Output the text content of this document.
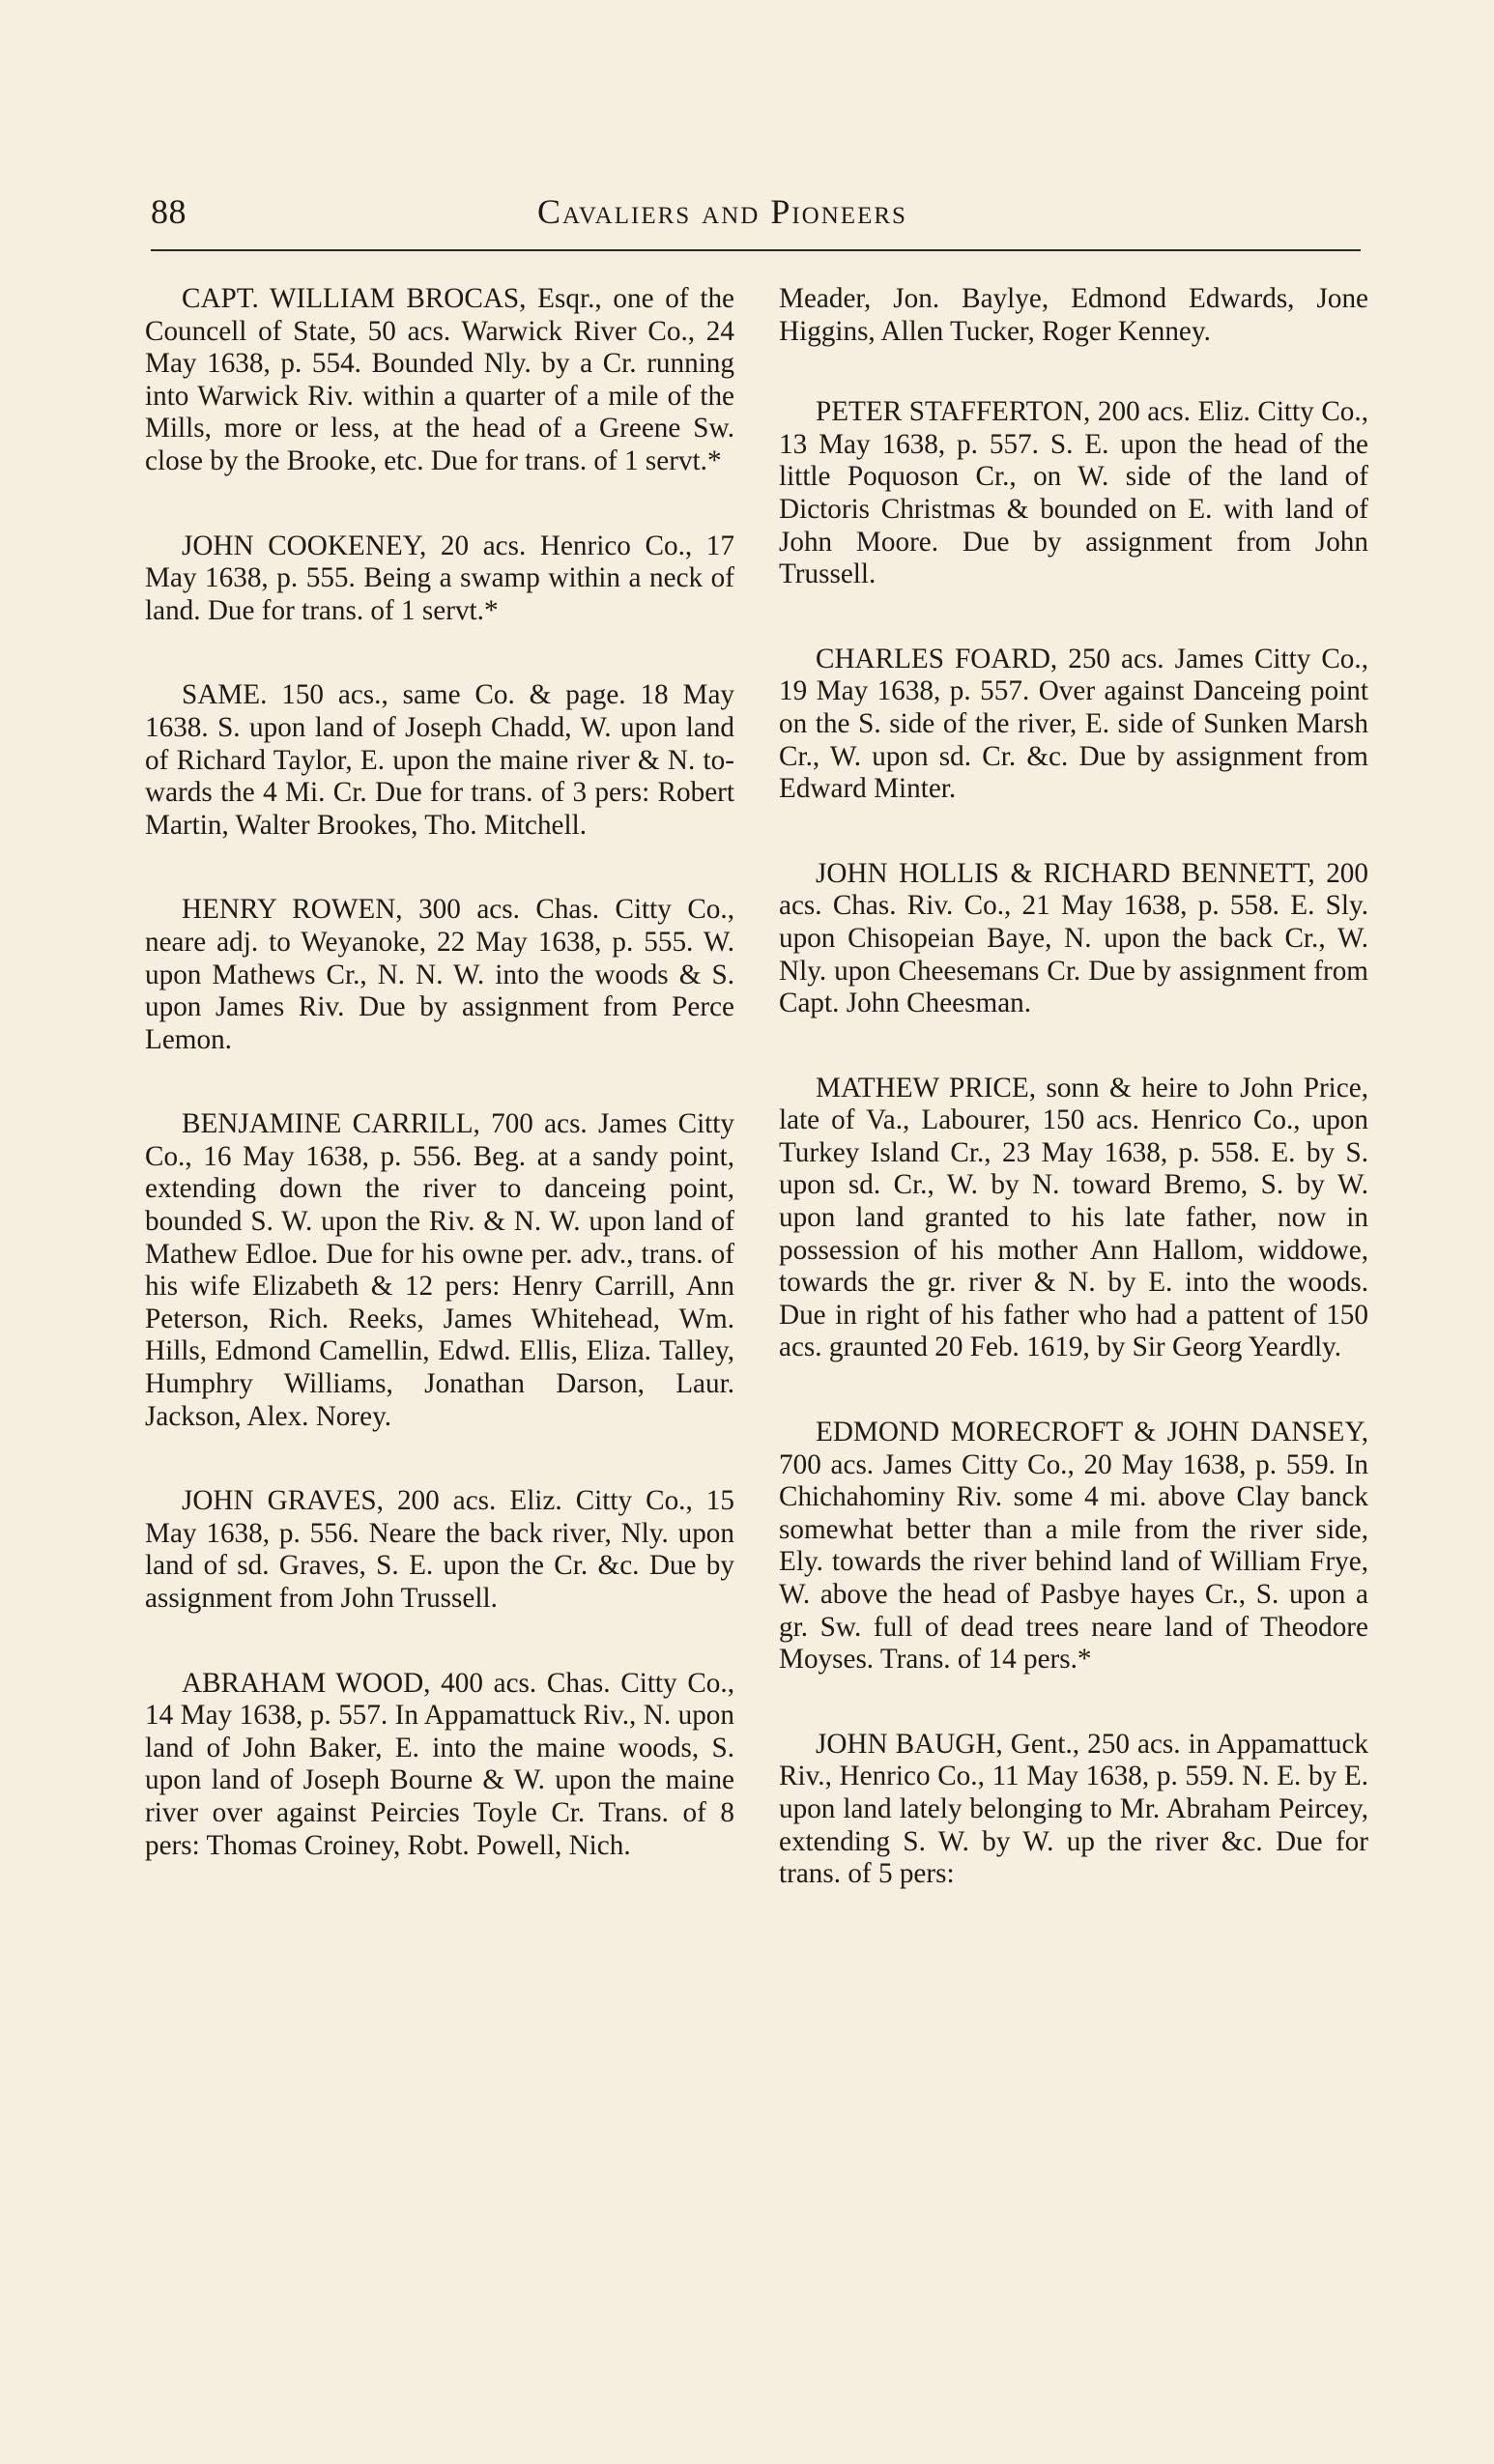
88	Cavaliers and Pioneers

CAPT. WILLIAM BROCAS, Esqr., one of the Councell of State, 50 acs. Warwick River Co., 24 May 1638, p. 554. Bounded Nly. by a Cr. running into Warwick Riv. within a quarter of a mile of the Mills, more or less, at the head of a Greene Sw. close by the Brooke, etc. Due for trans. of 1 servt.*

JOHN COOKENEY, 20 acs. Henrico Co., 17 May 1638, p. 555. Being a swamp within a neck of land. Due for trans. of 1 servt.*

SAME. 150 acs., same Co. & page. 18 May 1638. S. upon land of Joseph Chadd, W. upon land of Richard Taylor, E. upon the maine river & N. towards the 4 Mi. Cr. Due for trans. of 3 pers: Robert Martin, Walter Brookes, Tho. Mitchell.

HENRY ROWEN, 300 acs. Chas. Citty Co., neare adj. to Weyanoke, 22 May 1638, p. 555. W. upon Mathews Cr., N. N. W. into the woods & S. upon James Riv. Due by assignment from Perce Lemon.

BENJAMINE CARRILL, 700 acs. James Citty Co., 16 May 1638, p. 556. Beg. at a sandy point, extending down the river to danceing point, bounded S. W. upon the Riv. & N. W. upon land of Mathew Edloe. Due for his owne per. adv., trans. of his wife Elizabeth & 12 pers: Henry Carrill, Ann Peterson, Rich. Reeks, James Whitehead, Wm. Hills, Edmond Camellin, Edwd. Ellis, Eliza. Talley, Humphry Williams, Jonathan Darson, Laur. Jackson, Alex. Norey.

JOHN GRAVES, 200 acs. Eliz. Citty Co., 15 May 1638, p. 556. Neare the back river, Nly. upon land of sd. Graves, S. E. upon the Cr. &c. Due by assignment from John Trussell.

ABRAHAM WOOD, 400 acs. Chas. Citty Co., 14 May 1638, p. 557. In Appamattuck Riv., N. upon land of John Baker, E. into the maine woods, S. upon land of Joseph Bourne & W. upon the maine river over against Peircies Toyle Cr. Trans. of 8 pers: Thomas Croiney, Robt. Powell, Nich.

Meader, Jon. Baylye, Edmond Edwards, Jone Higgins, Allen Tucker, Roger Kenney.

PETER STAFFERTON, 200 acs. Eliz. Citty Co., 13 May 1638, p. 557. S. E. upon the head of the little Poquoson Cr., on W. side of the land of Dictoris Christmas & bounded on E. with land of John Moore. Due by assignment from John Trussell.

CHARLES FOARD, 250 acs. James Citty Co., 19 May 1638, p. 557. Over against Danceing point on the S. side of the river, E. side of Sunken Marsh Cr., W. upon sd. Cr. &c. Due by assignment from Edward Minter.

JOHN HOLLIS & RICHARD BENNETT, 200 acs. Chas. Riv. Co., 21 May 1638, p. 558. E. Sly. upon Chisopeian Baye, N. upon the back Cr., W. Nly. upon Cheesemans Cr. Due by assignment from Capt. John Cheesman.

MATHEW PRICE, sonn & heire to John Price, late of Va., Labourer, 150 acs. Henrico Co., upon Turkey Island Cr., 23 May 1638, p. 558. E. by S. upon sd. Cr., W. by N. toward Bremo, S. by W. upon land granted to his late father, now in possession of his mother Ann Hallom, widdowe, towards the gr. river & N. by E. into the woods. Due in right of his father who had a pattent of 150 acs. graunted 20 Feb. 1619, by Sir Georg Yeardly.

EDMOND MORECROFT & JOHN DANSEY, 700 acs. James Citty Co., 20 May 1638, p. 559. In Chichahominy Riv. some 4 mi. above Clay banck somewhat better than a mile from the river side, Ely. towards the river behind land of William Frye, W. above the head of Pasbye hayes Cr., S. upon a gr. Sw. full of dead trees neare land of Theodore Moyses. Trans. of 14 pers.*

JOHN BAUGH, Gent., 250 acs. in Appamattuck Riv., Henrico Co., 11 May 1638, p. 559. N. E. by E. upon land lately belonging to Mr. Abraham Peircey, extending S. W. by W. up the river &c. Due for trans. of 5 pers:
